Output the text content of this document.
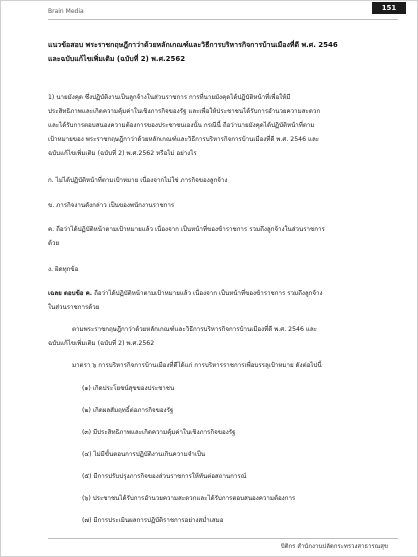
Brain Media	151
แนวข้อสอบ พระราชกฤษฎีกาว่าด้วยหลักเกณฑ์และวิธีการบริหารกิจการบ้านเมืองที่ดี พ.ศ. 2546
และฉบับแก้ไขเพิ่มเติม (ฉบับที่ 2) พ.ศ.2562
1) นายมังคุด ซึ่งปฏิบัติงานเป็นลูกจ้างในส่วนราชการ การที่นายมังคุดได้ปฏิบัติหน้าที่เพื่อให้มี
ประสิทธิภาพและเกิดความคุ้มค่าในเชิงภารกิจของรัฐ และเพื่อให้ประชาชนได้รับการอำนวยความสะดวก
และได้รับการตอบสนองความต้องการของประชาชนเองนั้น กรณีนี้ ถือว่านายมังคุดได้ปฏิบัติหน้าที่ตาม
เป้าหมายของ พระราชกฤษฎีกาว่าด้วยหลักเกณฑ์และวิธีการบริหารกิจการบ้านเมืองที่ดี พ.ศ. 2546 และ
ฉบับแก้ไขเพิ่มเติม (ฉบับที่ 2) พ.ศ.2562 หรือไม่ อย่างไร
ก. ไม่ได้ปฏิบัติหน้าที่ตามเป้าหมาย เนื่องจากไม่ใช่ ภารกิจของลูกจ้าง
ข. ภารกิจงานดังกล่าว เป็นของพนักงานราชการ
ค. ถือว่าได้ปฏิบัติหน้าตามเป้าหมายแล้ว เนื่องจาก เป็นหน้าที่ของข้าราชการ รวมถึงลูกจ้างในส่วนราชการ
ด้วย
ง. ผิดทุกข้อ
เฉลย ตอบข้อ ค. ถือว่าได้ปฏิบัติหน้าตามเป้าหมายแล้ว เนื่องจาก เป็นหน้าที่ของข้าราชการ รวมถึงลูกจ้าง
ในส่วนราชการด้วย
ตามพระราชกฤษฎีกาว่าด้วยหลักเกณฑ์และวิธีการบริหารกิจการบ้านเมืองที่ดี พ.ศ. 2546 และ
ฉบับแก้ไขเพิ่มเติม (ฉบับที่ 2) พ.ศ.2562
มาตรา ๖ การบริหารกิจการบ้านเมืองที่ดีได้แก่ การบริหารราชการเพื่อบรรลุเป้าหมาย ดังต่อไปนี้
(๑) เกิดประโยชน์สุขของประชาชน
(๒) เกิดผลสัมฤทธิ์ต่อภารกิจของรัฐ
(๓) มีประสิทธิภาพและเกิดความคุ้มค่าในเชิงภารกิจของรัฐ
(๔) ไม่มีขั้นตอนการปฏิบัติงานเกินความจำเป็น
(๕) มีการปรับปรุงภารกิจของส่วนราชการให้ทันต่อสถานการณ์
(๖) ประชาชนได้รับการอำนวยความสะดวกและได้รับการตอบสนองความต้องการ
(๗) มีการประเมินผลการปฏิบัติราชการอย่างสม่ำเสมอ
บิติกร สำนักงานปลัดกระทรวงสาธารณสุข
